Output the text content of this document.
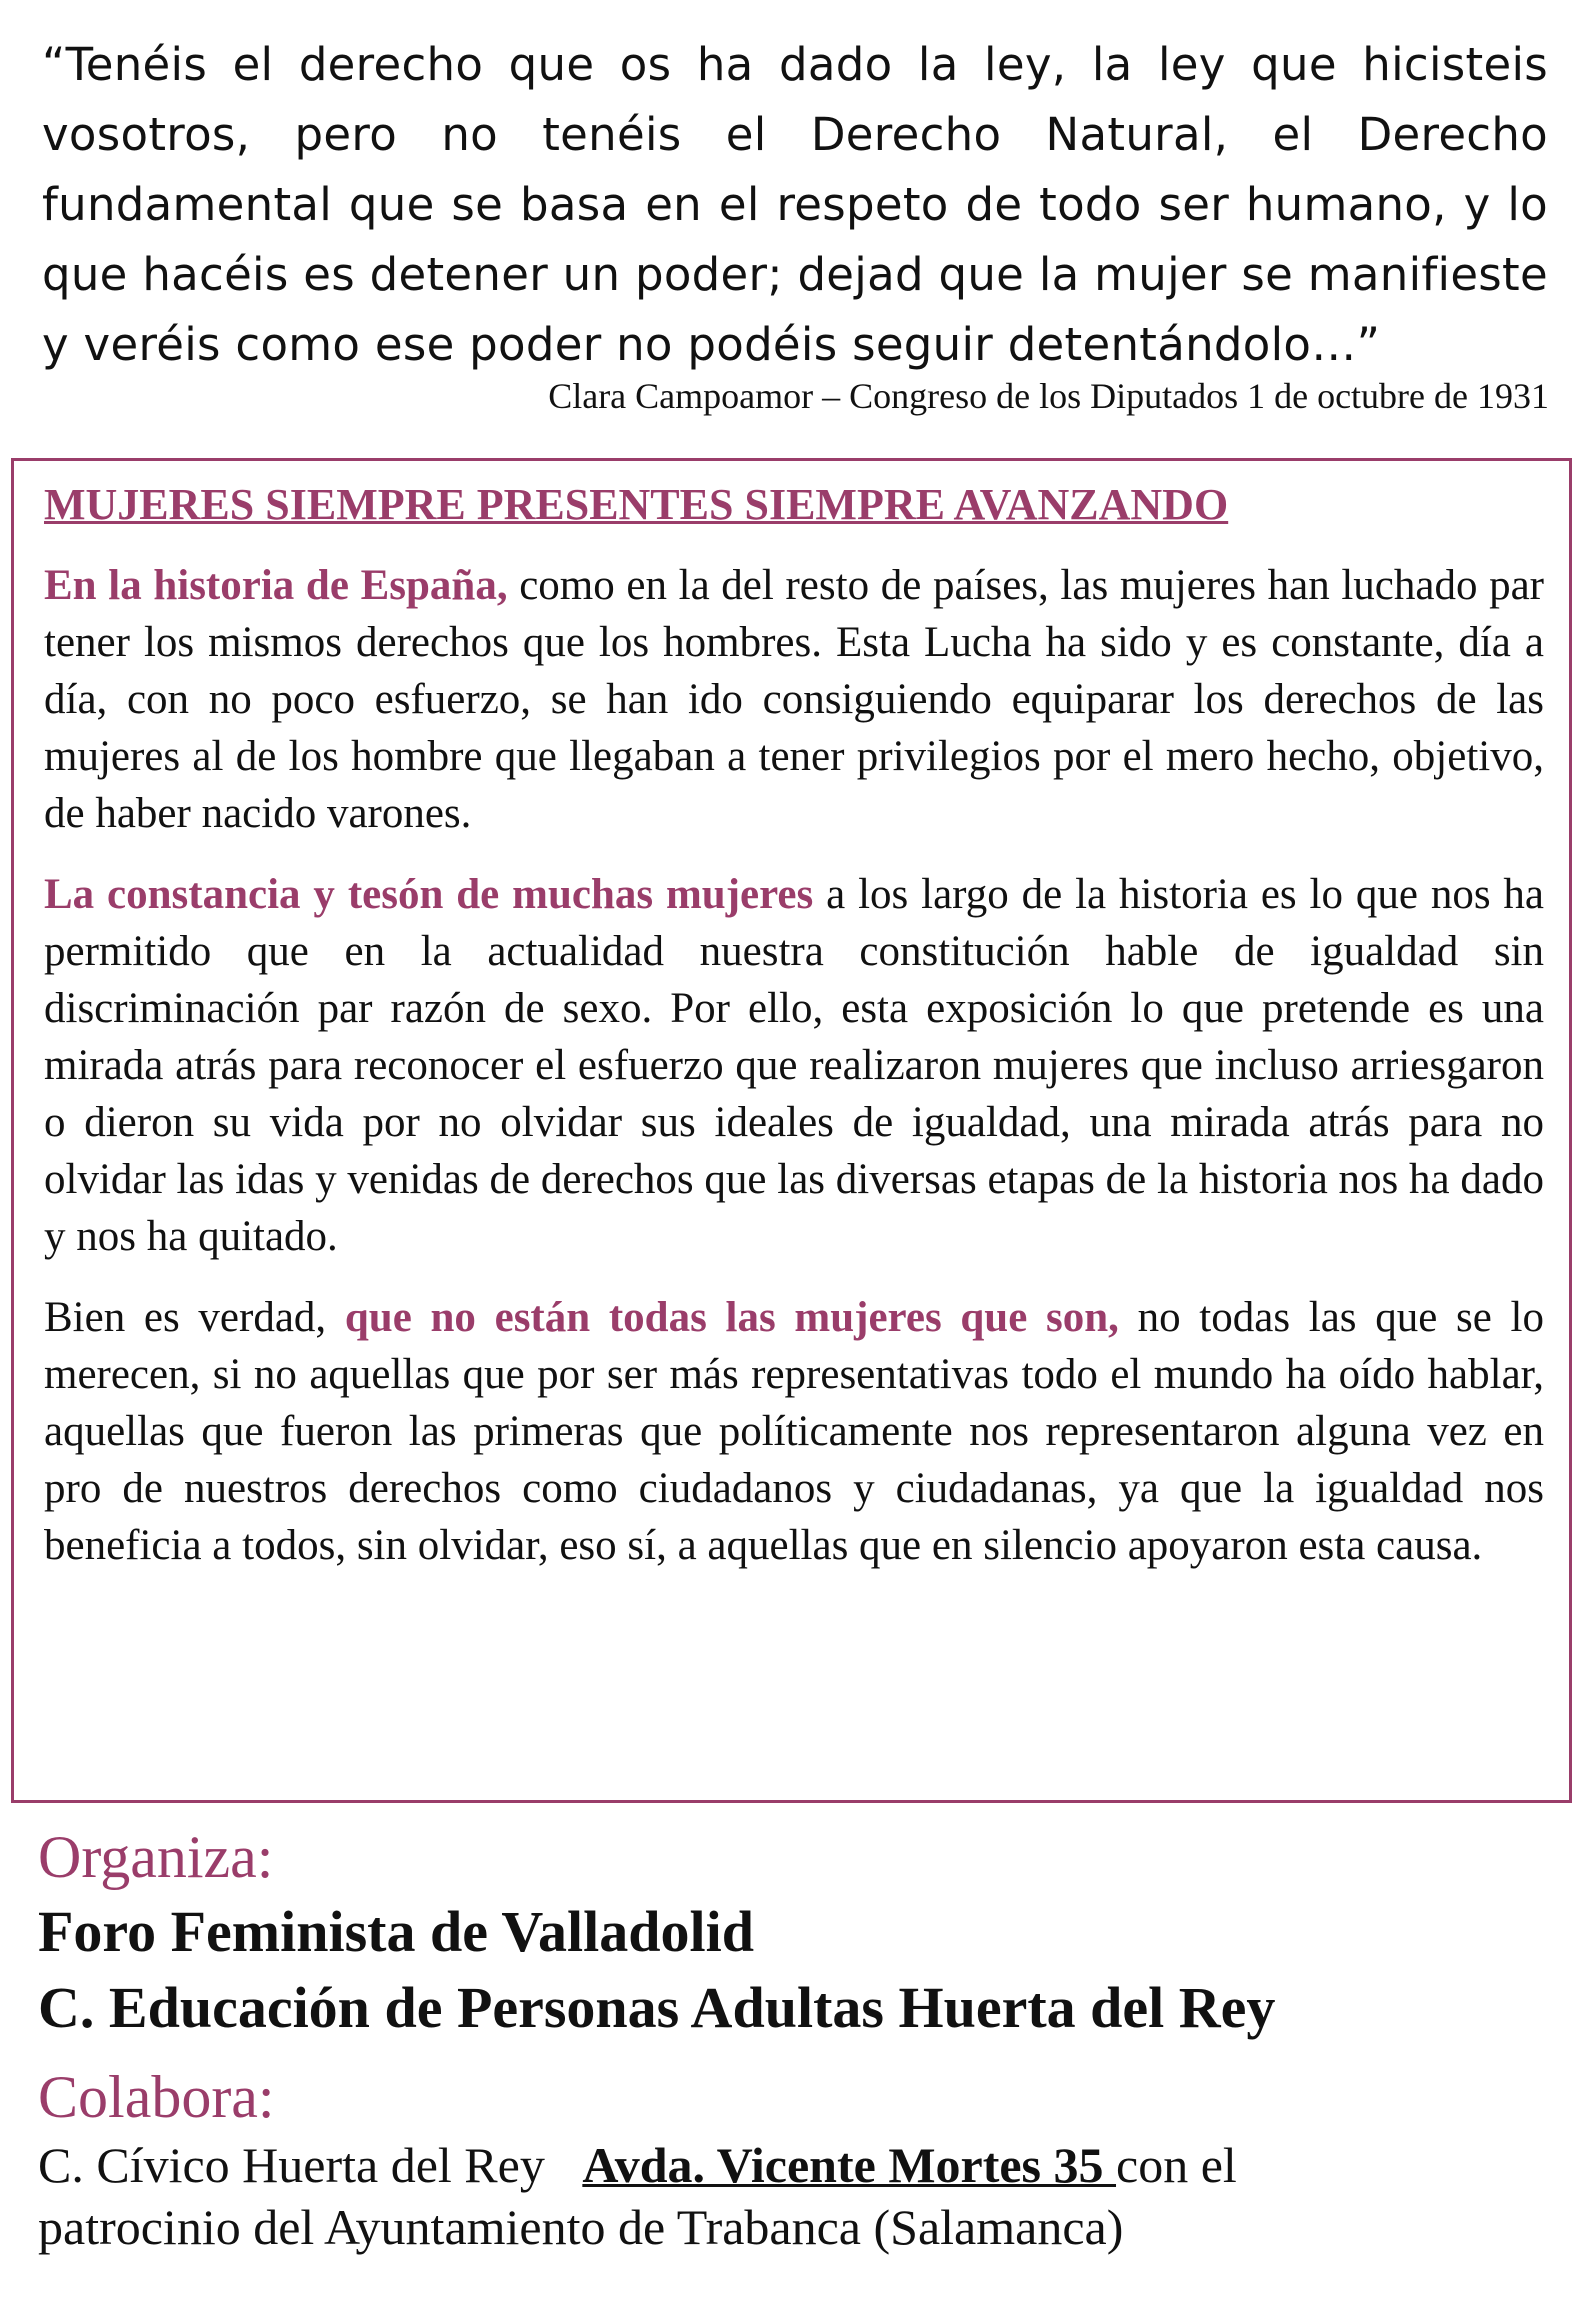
“Tenéis el derecho que os ha dado la ley, la ley que hicisteis vosotros, pero no tenéis el Derecho Natural, el Derecho fundamental que se basa en el respeto de todo ser humano, y lo que hacéis es detener un poder; dejad que la mujer se manifieste y veréis como ese poder no podéis seguir detentándolo…”
Clara Campoamor – Congreso de los Diputados 1 de octubre de 1931
MUJERES SIEMPRE PRESENTES SIEMPRE AVANZANDO

En la historia de España, como en la del resto de países, las mujeres han luchado par tener los mismos derechos que los hombres. Esta Lucha ha sido y es constante, día a día, con no poco esfuerzo, se han ido consiguiendo equiparar los derechos de las mujeres al de los hombre que llegaban a tener privilegios por el mero hecho, objetivo, de haber nacido varones.

La constancia y tesón de muchas mujeres a los largo de la historia es lo que nos ha permitido que en la actualidad nuestra constitución hable de igualdad sin discriminación par razón de sexo. Por ello, esta exposición lo que pretende es una mirada atrás para reconocer el esfuerzo que realizaron mujeres que incluso arriesgaron o dieron su vida por no olvidar sus ideales de igualdad, una mirada atrás para no olvidar las idas y venidas de derechos que las diversas etapas de la historia nos ha dado y nos ha quitado.

Bien es verdad, que no están todas las mujeres que son, no todas las que se lo merecen, si no aquellas que por ser más representativas todo el mundo ha oído hablar, aquellas que fueron las primeras que políticamente nos representaron alguna vez en pro de nuestros derechos como ciudadanos y ciudadanas, ya que la igualdad nos beneficia a todos, sin olvidar, eso sí, a aquellas que en silencio apoyaron esta causa.

Organiza:
Foro Feminista de Valladolid
C. Educación de Personas Adultas Huerta del Rey
Colabora:
C. Cívico Huerta del Rey   Avda. Vicente Mortes 35 con el
patrocinio del Ayuntamiento de Trabanca (Salamanca)
